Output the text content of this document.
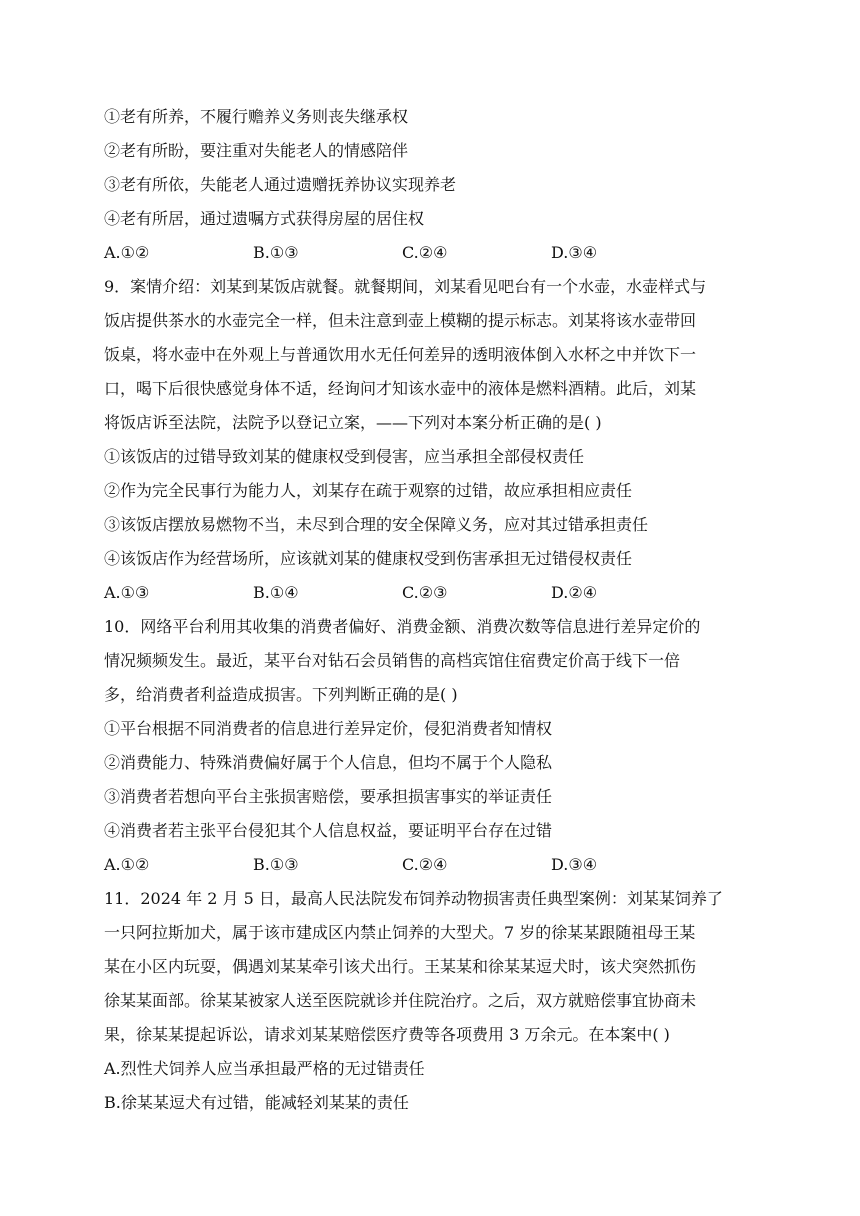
①老有所养，不履行赡养义务则丧失继承权
②老有所盼，要注重对失能老人的情感陪伴
③老有所依，失能老人通过遗赠抚养协议实现养老
④老有所居，通过遗嘱方式获得房屋的居住权
A.①②	B.①③	C.②④	D.③④
9．案情介绍：刘某到某饭店就餐。就餐期间，刘某看见吧台有一个水壶，水壶样式与
饭店提供茶水的水壶完全一样，但未注意到壶上模糊的提示标志。刘某将该水壶带回
饭桌，将水壶中在外观上与普通饮用水无任何差异的透明液体倒入水杯之中并饮下一
口，喝下后很快感觉身体不适，经询问才知该水壶中的液体是燃料酒精。此后，刘某
将饭店诉至法院，法院予以登记立案，——下列对本案分析正确的是( )
①该饭店的过错导致刘某的健康权受到侵害，应当承担全部侵权责任
②作为完全民事行为能力人，刘某存在疏于观察的过错，故应承担相应责任
③该饭店摆放易燃物不当，未尽到合理的安全保障义务，应对其过错承担责任
④该饭店作为经营场所，应该就刘某的健康权受到伤害承担无过错侵权责任
A.①③	B.①④	C.②③	D.②④
10．网络平台利用其收集的消费者偏好、消费金额、消费次数等信息进行差异定价的
情况频频发生。最近，某平台对钻石会员销售的高档宾馆住宿费定价高于线下一倍
多，给消费者利益造成损害。下列判断正确的是( )
①平台根据不同消费者的信息进行差异定价，侵犯消费者知情权
②消费能力、特殊消费偏好属于个人信息，但均不属于个人隐私
③消费者若想向平台主张损害赔偿，要承担损害事实的举证责任
④消费者若主张平台侵犯其个人信息权益，要证明平台存在过错
A.①②	B.①③	C.②④	D.③④
11．2024 年 2 月 5 日，最高人民法院发布饲养动物损害责任典型案例：刘某某饲养了
一只阿拉斯加犬，属于该市建成区内禁止饲养的大型犬。7 岁的徐某某跟随祖母王某
某在小区内玩耍，偶遇刘某某牵引该犬出行。王某某和徐某某逗犬时，该犬突然抓伤
徐某某面部。徐某某被家人送至医院就诊并住院治疗。之后，双方就赔偿事宜协商未
果，徐某某提起诉讼，请求刘某某赔偿医疗费等各项费用 3 万余元。在本案中( )
A.烈性犬饲养人应当承担最严格的无过错责任
B.徐某某逗犬有过错，能减轻刘某某的责任
